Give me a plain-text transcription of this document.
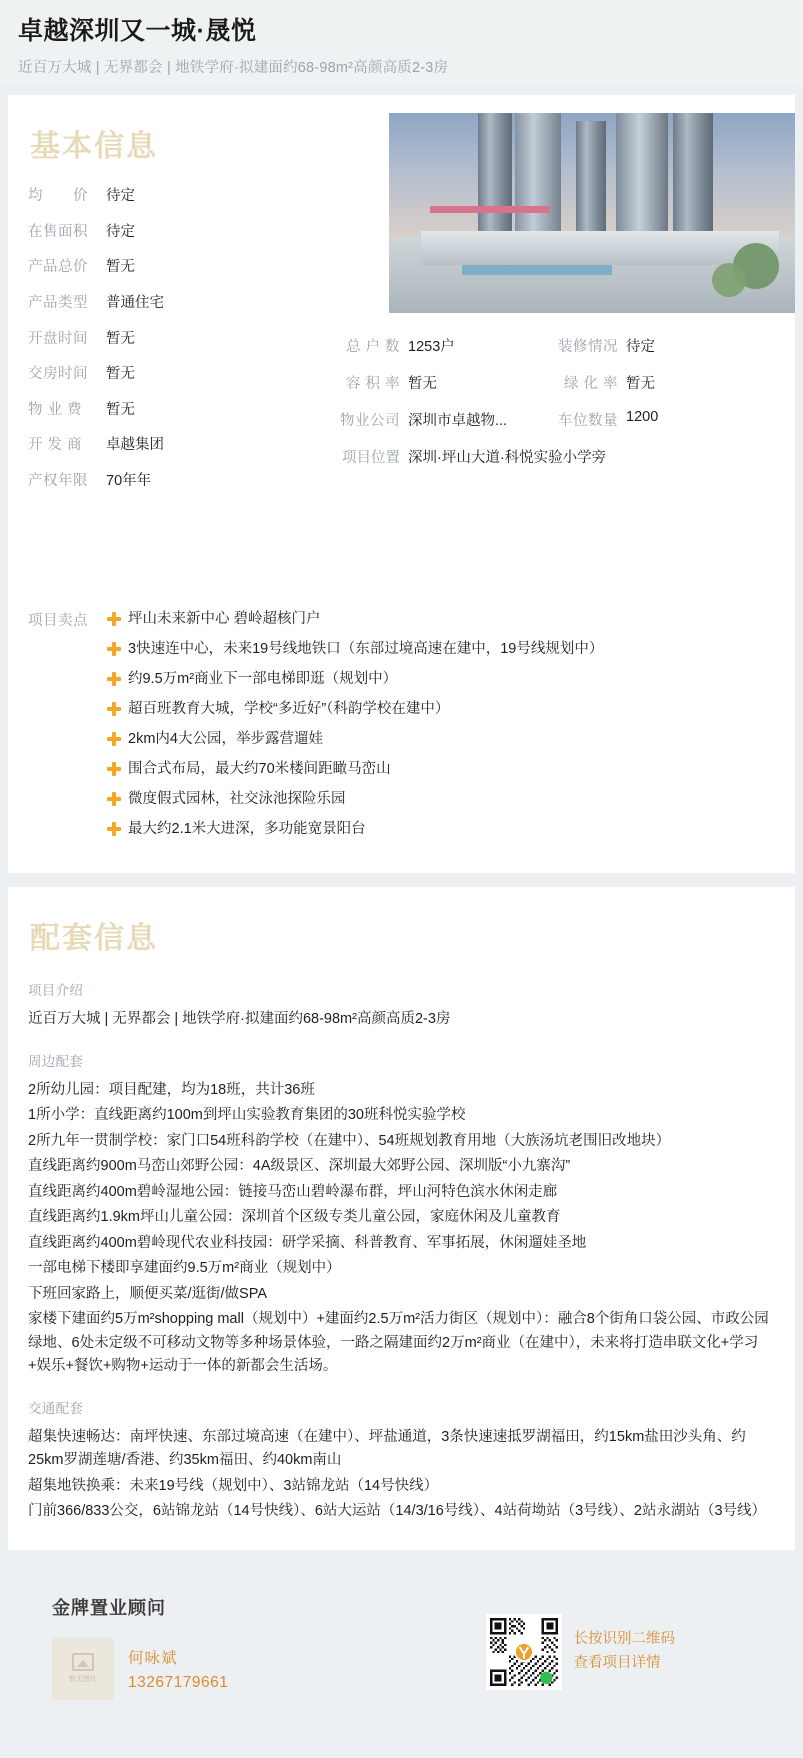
卓越深圳又一城·晟悦
近百万大城 | 无界都会 | 地铁学府·拟建面约68-98m²高颜高质2-3房
基本信息
均　　价	待定
在售面积	待定
产品总价	暂无
产品类型	普通住宅
开盘时间	暂无
交房时间	暂无
物 业 费	暂无
开 发 商	卓越集团
产权年限	70年年
总 户 数 1253户	装修情况 待定
容 积 率 暂无	绿 化 率 暂无
物业公司 深圳市卓越物...	车位数量 1200
项目位置 深圳·坪山大道·科悦实验小学旁
项目卖点	坪山未来新中心 碧岭超核门户
3快速连中心，未来19号线地铁口（东部过境高速在建中，19号线规划中）
约9.5万m²商业下一部电梯即逛（规划中）
超百班教育大城，学校“多近好”（科韵学校在建中）
2km内4大公园，举步露营遛娃
围合式布局，最大约70米楼间距瞰马峦山
微度假式园林，社交泳池探险乐园
最大约2.1米大进深，多功能宽景阳台
配套信息
项目介绍

近百万大城 | 无界都会 | 地铁学府·拟建面约68-98m²高颜高质2-3房

周边配套

2所幼儿园：项目配建，均为18班，共计36班

1所小学：直线距离约100m到坪山实验教育集团的30班科悦实验学校

2所九年一贯制学校：家门口54班科韵学校（在建中）、54班规划教育用地（大族汤坑老围旧改地块）

直线距离约900m马峦山郊野公园：4A级景区、深圳最大郊野公园、深圳版“小九寨沟”

直线距离约400m碧岭湿地公园：链接马峦山碧岭瀑布群，坪山河特色滨水休闲走廊

直线距离约1.9km坪山儿童公园：深圳首个区级专类儿童公园，家庭休闲及儿童教育

直线距离约400m碧岭现代农业科技园：研学采摘、科普教育、军事拓展，休闲遛娃圣地

一部电梯下楼即享建面约9.5万m²商业（规划中）

下班回家路上，顺便买菜/逛街/做SPA

家楼下建面约5万m²shopping mall（规划中）+建面约2.5万m²活力街区（规划中）：融合8个街角口袋公园、市政公园绿地、6处未定级不可移动文物等多种场景体验，一路之隔建面约2万m²商业（在建中），未来将打造串联文化+学习+娱乐+餐饮+购物+运动于一体的新都会生活场。

交通配套

超集快速畅达：南坪快速、东部过境高速（在建中）、坪盐通道，3条快速速抵罗湖福田，约15km盐田沙头角、约25km罗湖莲塘/香港、约35km福田、约40km南山

超集地铁换乘：未来19号线（规划中）、3站锦龙站（14号快线）

门前366/833公交，6站锦龙站（14号快线）、6站大运站（14/3/16号线）、4站荷坳站（3号线）、2站永湖站（3号线）

金牌置业顾问
暂无图片
何咏斌
13267179661
长按识别二维码
查看项目详情
